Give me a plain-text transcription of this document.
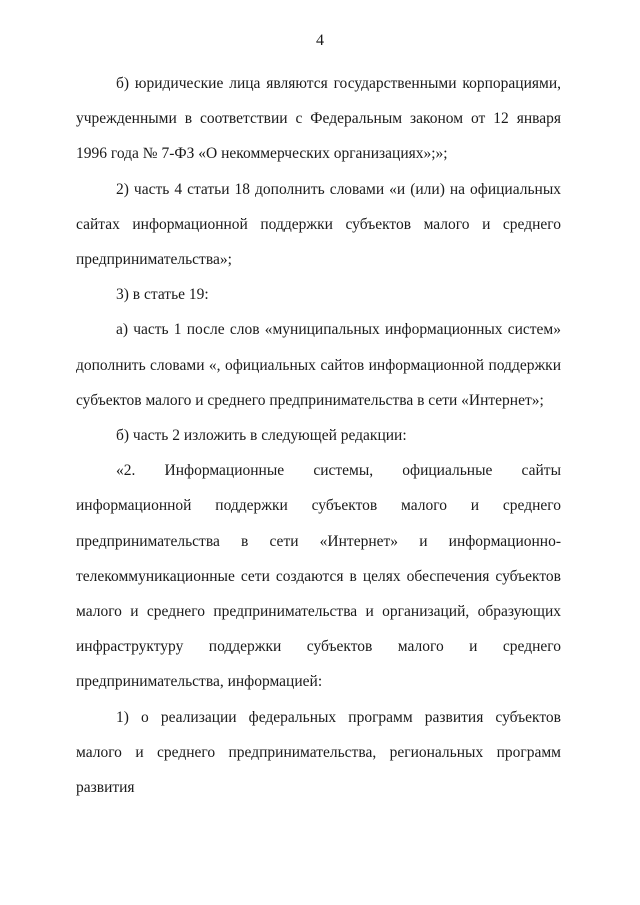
4

б) юридические лица являются государственными корпорациями, учрежденными в соответствии с Федеральным законом от 12 января 1996 года № 7-ФЗ «О некоммерческих организациях»;»;

2) часть 4 статьи 18 дополнить словами «и (или) на официальных сайтах информационной поддержки субъектов малого и среднего предпринимательства»;

3) в статье 19:

а) часть 1 после слов «муниципальных информационных систем» дополнить словами «, официальных сайтов информационной поддержки субъектов малого и среднего предпринимательства в сети «Интернет»;

б) часть 2 изложить в следующей редакции:

«2. Информационные системы, официальные сайты информационной поддержки субъектов малого и среднего предпринимательства в сети «Интернет» и информационно-телекоммуникационные сети создаются в целях обеспечения субъектов малого и среднего предпринимательства и организаций, образующих инфраструктуру поддержки субъектов малого и среднего предпринимательства, информацией:

1) о реализации федеральных программ развития субъектов малого и среднего предпринимательства, региональных программ развития
